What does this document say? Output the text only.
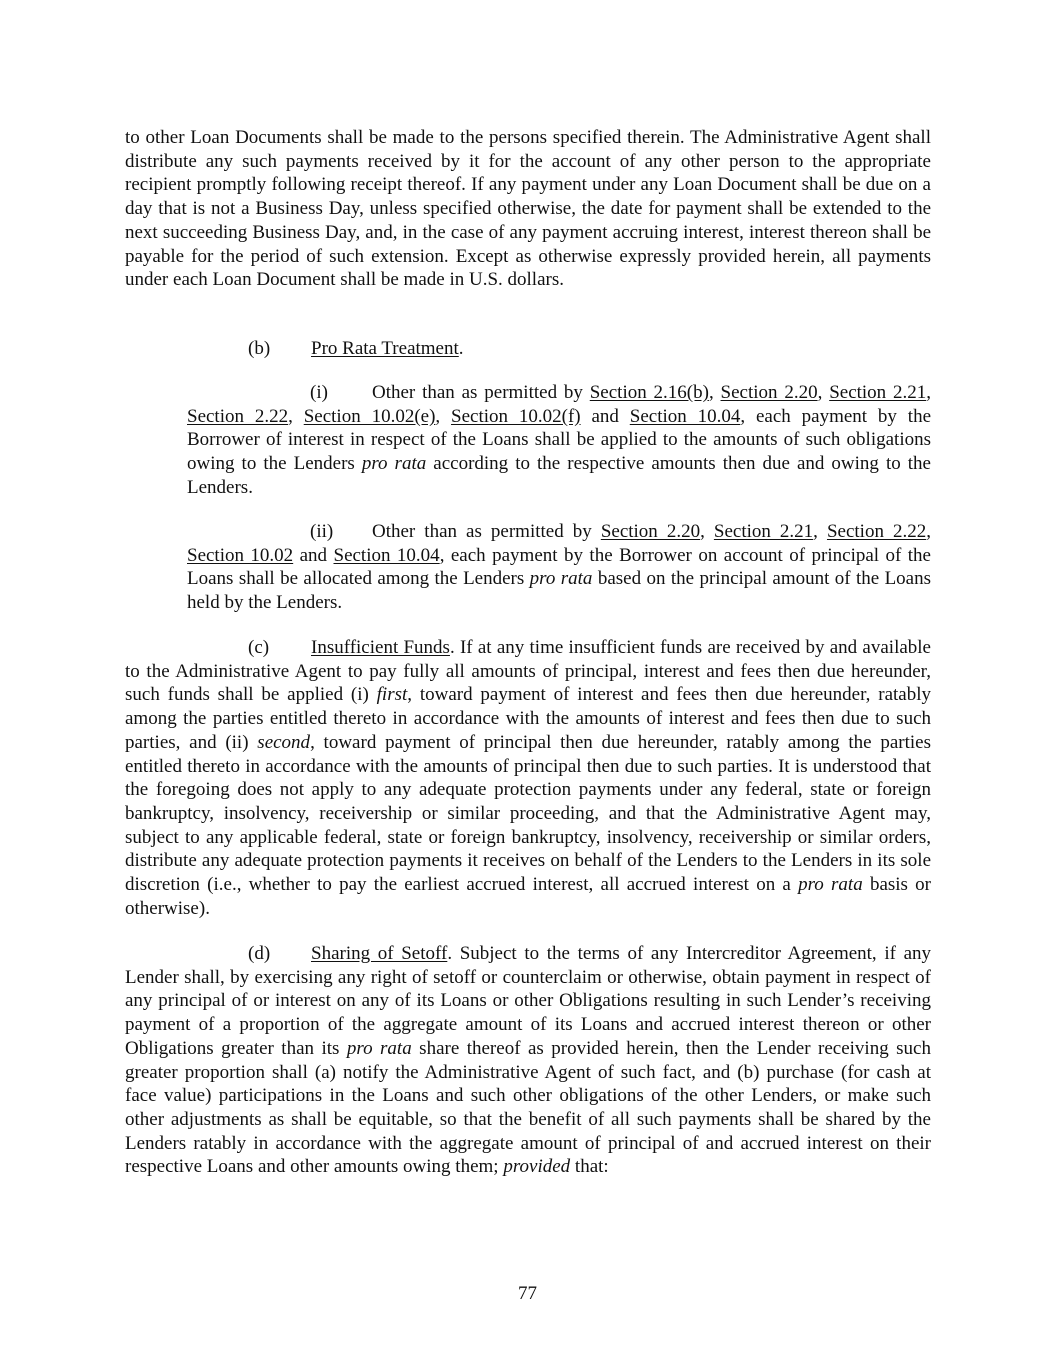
to other Loan Documents shall be made to the persons specified therein. The Administrative Agent shall distribute any such payments received by it for the account of any other person to the appropriate recipient promptly following receipt thereof. If any payment under any Loan Document shall be due on a day that is not a Business Day, unless specified otherwise, the date for payment shall be extended to the next succeeding Business Day, and, in the case of any payment accruing interest, interest thereon shall be payable for the period of such extension. Except as otherwise expressly provided herein, all payments under each Loan Document shall be made in U.S. dollars.
(b) Pro Rata Treatment.
(i) Other than as permitted by Section 2.16(b), Section 2.20, Section 2.21, Section 2.22, Section 10.02(e), Section 10.02(f) and Section 10.04, each payment by the Borrower of interest in respect of the Loans shall be applied to the amounts of such obligations owing to the Lenders pro rata according to the respective amounts then due and owing to the Lenders.
(ii) Other than as permitted by Section 2.20, Section 2.21, Section 2.22, Section 10.02 and Section 10.04, each payment by the Borrower on account of principal of the Loans shall be allocated among the Lenders pro rata based on the principal amount of the Loans held by the Lenders.
(c) Insufficient Funds. If at any time insufficient funds are received by and available to the Administrative Agent to pay fully all amounts of principal, interest and fees then due hereunder, such funds shall be applied (i) first, toward payment of interest and fees then due hereunder, ratably among the parties entitled thereto in accordance with the amounts of interest and fees then due to such parties, and (ii) second, toward payment of principal then due hereunder, ratably among the parties entitled thereto in accordance with the amounts of principal then due to such parties. It is understood that the foregoing does not apply to any adequate protection payments under any federal, state or foreign bankruptcy, insolvency, receivership or similar proceeding, and that the Administrative Agent may, subject to any applicable federal, state or foreign bankruptcy, insolvency, receivership or similar orders, distribute any adequate protection payments it receives on behalf of the Lenders to the Lenders in its sole discretion (i.e., whether to pay the earliest accrued interest, all accrued interest on a pro rata basis or otherwise).
(d) Sharing of Setoff. Subject to the terms of any Intercreditor Agreement, if any Lender shall, by exercising any right of setoff or counterclaim or otherwise, obtain payment in respect of any principal of or interest on any of its Loans or other Obligations resulting in such Lender’s receiving payment of a proportion of the aggregate amount of its Loans and accrued interest thereon or other Obligations greater than its pro rata share thereof as provided herein, then the Lender receiving such greater proportion shall (a) notify the Administrative Agent of such fact, and (b) purchase (for cash at face value) participations in the Loans and such other obligations of the other Lenders, or make such other adjustments as shall be equitable, so that the benefit of all such payments shall be shared by the Lenders ratably in accordance with the aggregate amount of principal of and accrued interest on their respective Loans and other amounts owing them; provided that:
77
